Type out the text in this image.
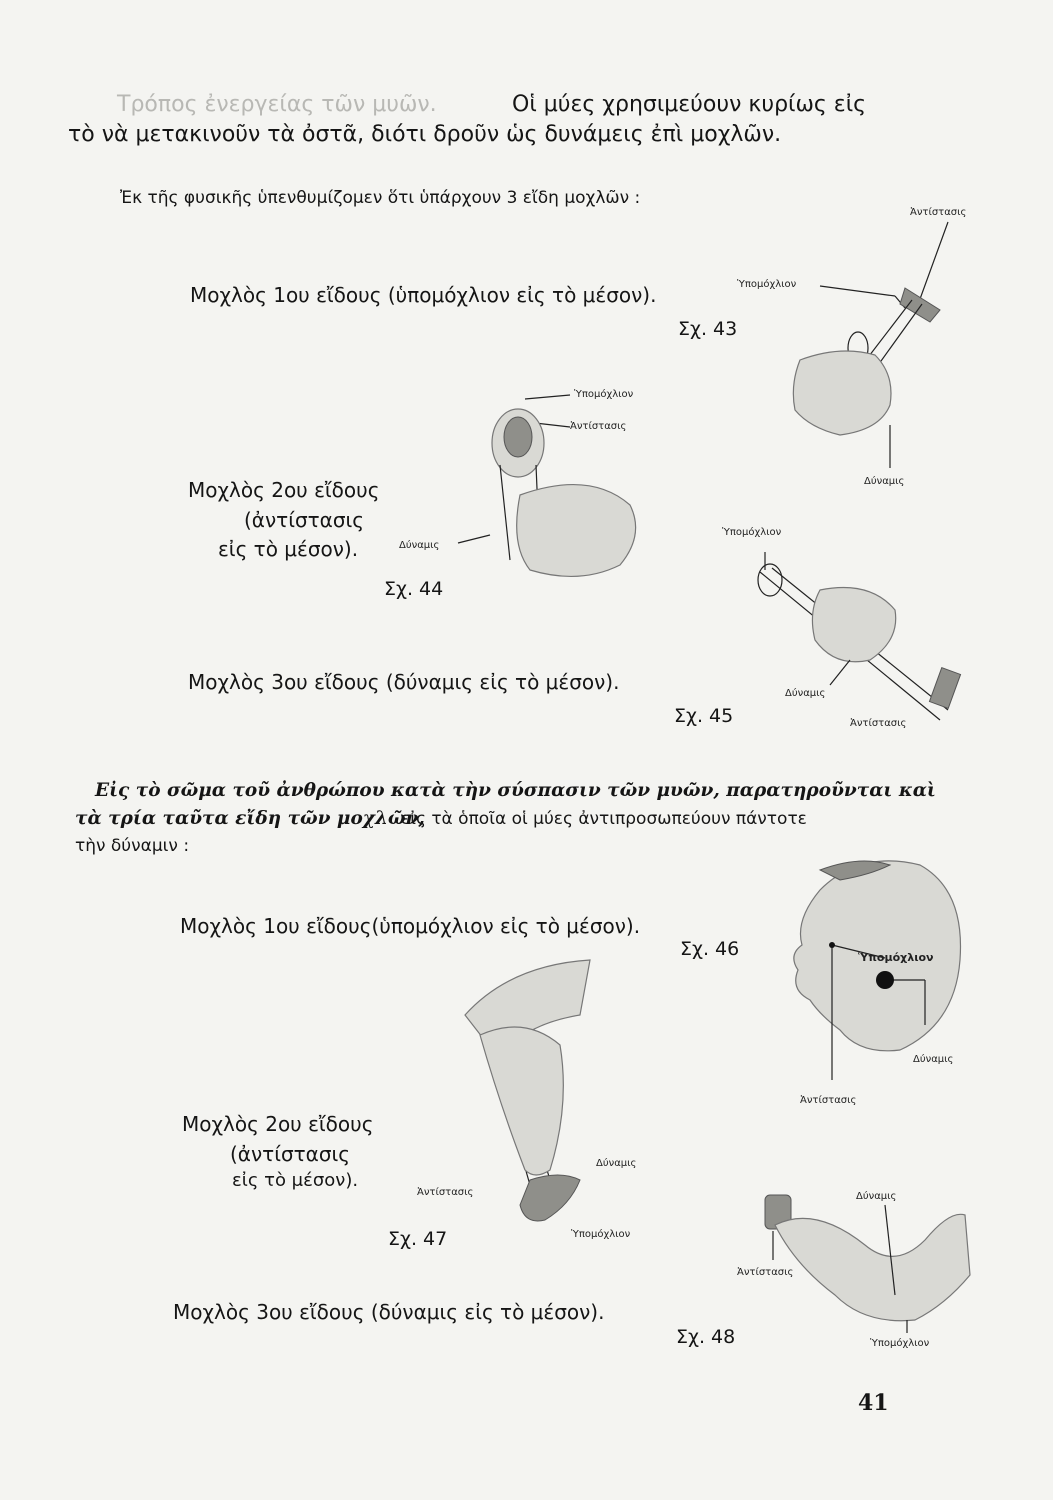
Τρόπος ἐνεργείας τῶν μυῶν.	Οἱ μύες χρησιμεύουν κυρίως εἰς
τὸ νὰ μετακινοῦν τὰ ὀστᾶ, διότι δροῦν ὡς δυνάμεις ἐπὶ μοχλῶν.
Ἐκ τῆς φυσικῆς ὑπενθυμίζομεν ὅτι ὑπάρχουν 3 εἴδη μοχλῶν :
Μοχλὸς 1ου εἴδους (ὑπομόχλιον εἰς τὸ μέσον).
Σχ. 43
Ἀντίστασις
Ὑπομόχλιον
Δύναμις
Μοχλὸς 2ου εἴδους
(ἀντίστασις
εἰς τὸ μέσον).
Σχ. 44
Ὑπομόχλιον
Ἀντίστασις
Δύναμις
Ὑπομόχλιον
Δύναμις
Ἀντίστασις
Μοχλὸς 3ου εἴδους (δύναμις εἰς τὸ μέσον).
Σχ. 45
Εἰς τὸ σῶμα τοῦ ἀνθρώπου κατὰ τὴν σύσπασιν τῶν μυῶν, παρατηροῦνται καὶ
τὰ τρία ταῦτα εἴδη τῶν μοχλῶν,
εἰς τὰ ὁποῖα οἱ μύες ἀντιπροσωπεύουν πάντοτε
τὴν δύναμιν :
Μοχλὸς 1ου εἴδους(ὑπομόχλιον εἰς τὸ μέσον).
Σχ. 46	Ὑπομόχλιον
Δύναμις
Ἀντίστασις
Δύναμις
Ἀντίστασις
Ὑπομόχλιον
Μοχλὸς 2ου εἴδους
(ἀντίστασις
εἰς τὸ μέσον).
Σχ. 47
Μοχλὸς 3ου εἴδους (δύναμις εἰς τὸ μέσον).
Σχ. 48
Δύναμις
Ἀντίστασις
Ὑπομόχλιον
41
